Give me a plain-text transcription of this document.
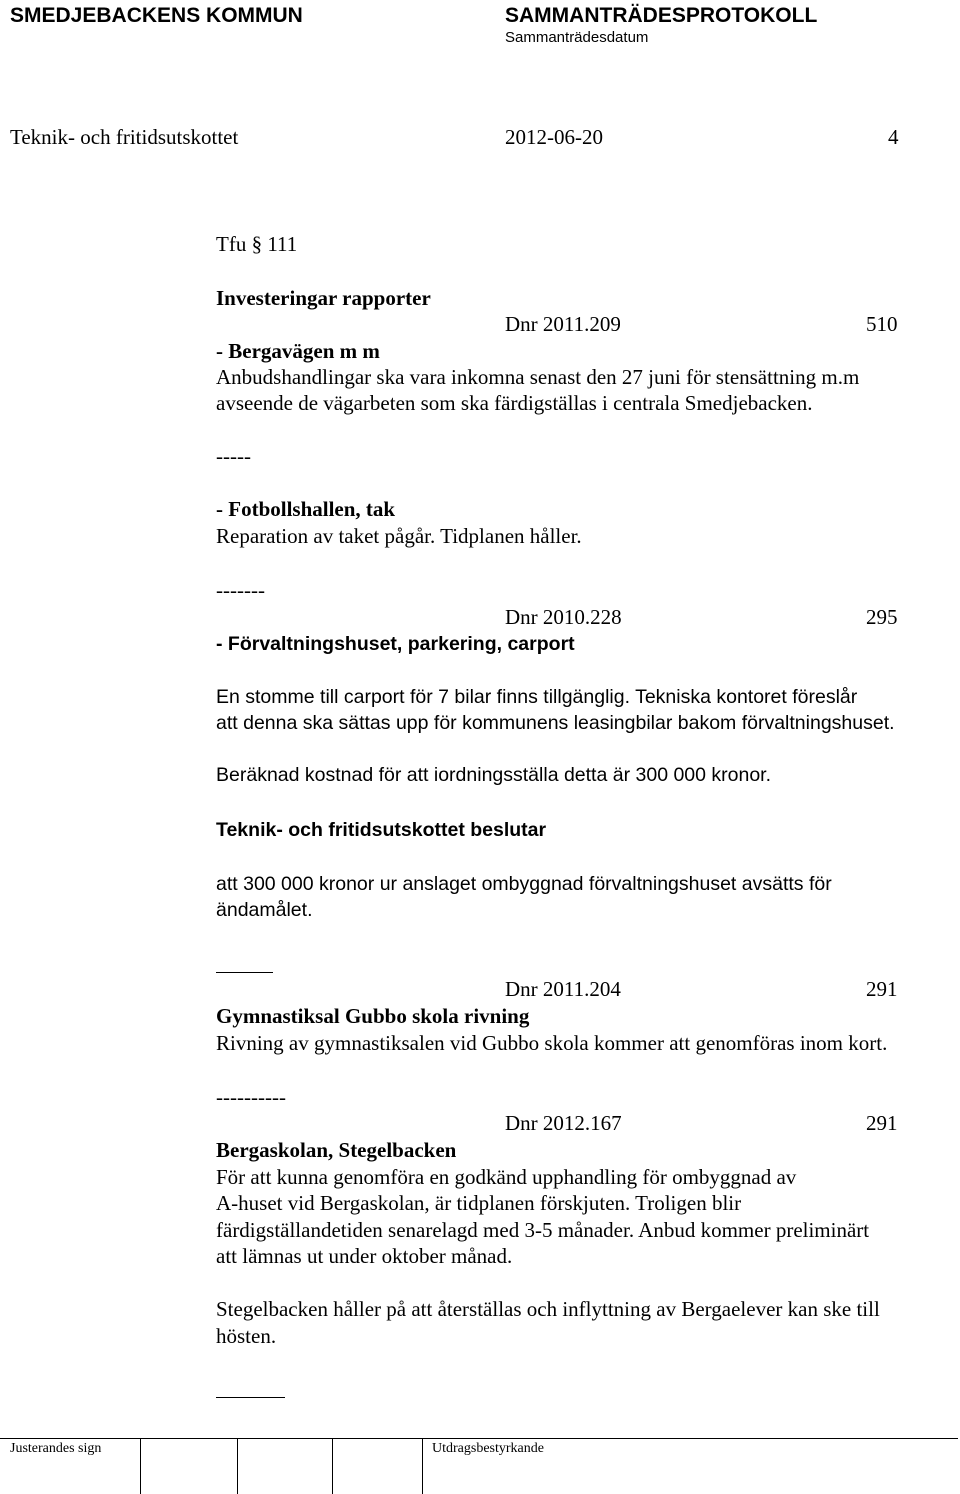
SMEDJEBACKENS KOMMUN	SAMMANTRÄDESPROTOKOLL
Sammanträdesdatum
Teknik- och fritidsutskottet	2012-06-20	4
Tfu § 111
Investeringar rapporter
Dnr 2011.209	510
- Bergavägen m m
Anbudshandlingar ska vara inkomna senast den 27 juni för stensättning m.m
avseende de vägarbeten som ska färdigställas i centrala Smedjebacken.
-----
- Fotbollshallen, tak
Reparation av taket pågår. Tidplanen håller.
-------
Dnr 2010.228	295
- Förvaltningshuset, parkering, carport
En stomme till carport för 7 bilar finns tillgänglig. Tekniska kontoret föreslår
att denna ska sättas upp för kommunens leasingbilar bakom förvaltningshuset.
Beräknad kostnad för att iordningsställa detta är 300 000 kronor.
Teknik- och fritidsutskottet beslutar
att 300 000 kronor ur anslaget ombyggnad förvaltningshuset avsätts för
ändamålet.
Dnr 2011.204	291
Gymnastiksal Gubbo skola rivning
Rivning av gymnastiksalen vid Gubbo skola kommer att genomföras inom kort.
----------
Dnr 2012.167	291
Bergaskolan, Stegelbacken
För att kunna genomföra en godkänd upphandling för ombyggnad av
A-huset vid Bergaskolan, är tidplanen förskjuten. Troligen blir
färdigställandetiden senarelagd med 3-5 månader. Anbud kommer preliminärt
att lämnas ut under oktober månad.
Stegelbacken håller på att återställas och inflyttning av Bergaelever kan ske till
hösten.
Justerandes sign	Utdragsbestyrkande
